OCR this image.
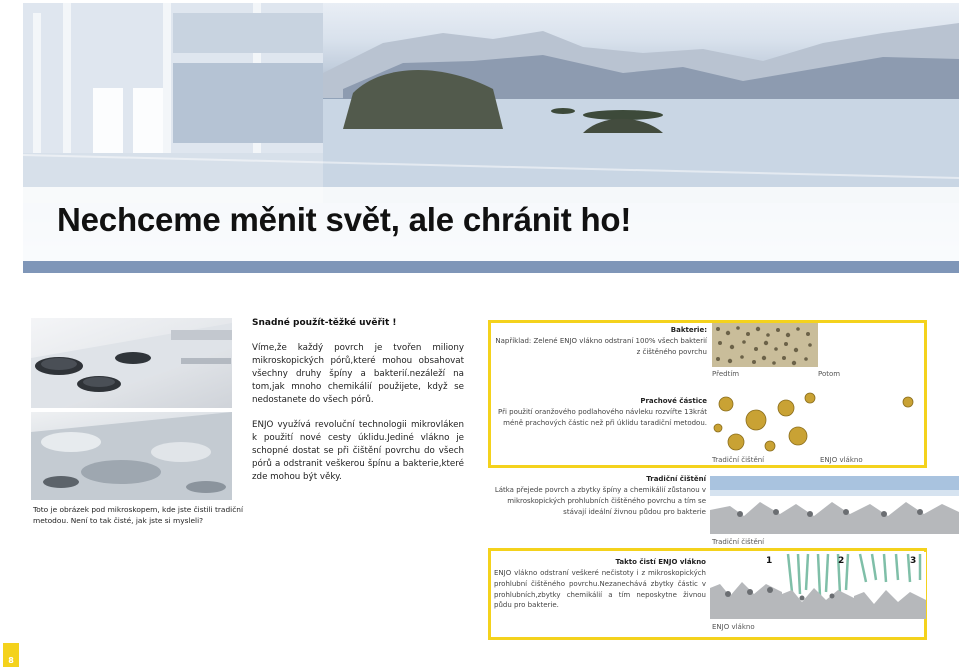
Nechceme měnit svět, ale chránit ho!

Toto je obrázek pod mikroskopem, kde jste čistili tradiční metodou. Není to tak čisté, jak jste si mysleli?

Snadné použít-těžké uvěřit !

Víme,že každý povrch je tvořen miliony mikroskopických pórů,které mohou obsahovat všechny druhy špíny a bakterií.nezáleží na tom,jak mnoho chemikálií použijete, když se nedostanete do všech pórů.

ENJO využívá revoluční technologii mikrovláken k použití nové cesty úklidu.Jediné vlákno je schopné dostat se při čištění povrchu do všech pórů a odstranit veškerou špínu a bakterie,které zde mohou být věky.

Bakterie:
Například: Zelené ENJO vlákno odstraní 100% všech bakterií z čištěného povrchu
Předtím	Potom
Prachové částice
Při použití oranžového podlahového návleku rozvířte 13krát méně prachových částic než při úklidu taradiční metodou.
Tradiční čištění	ENJO vlákno
Tradiční čištění
Látka přejede povrch a zbytky špíny a chemikálií zůstanou v mikroskopických prohlubních čištěného povrchu a tím se stávají ideální živnou půdou pro bakterie
Tradiční čištění
Takto čistí ENJO vlákno
ENJO vlákno odstraní veškeré nečistoty i z mikroskopických prohlubní čištěného povrchu.Nezanechává zbytky částic v prohlubních,zbytky chemikálií a tím neposkytne živnou půdu pro bakterie.
1	2	3
ENJO vlákno
8
